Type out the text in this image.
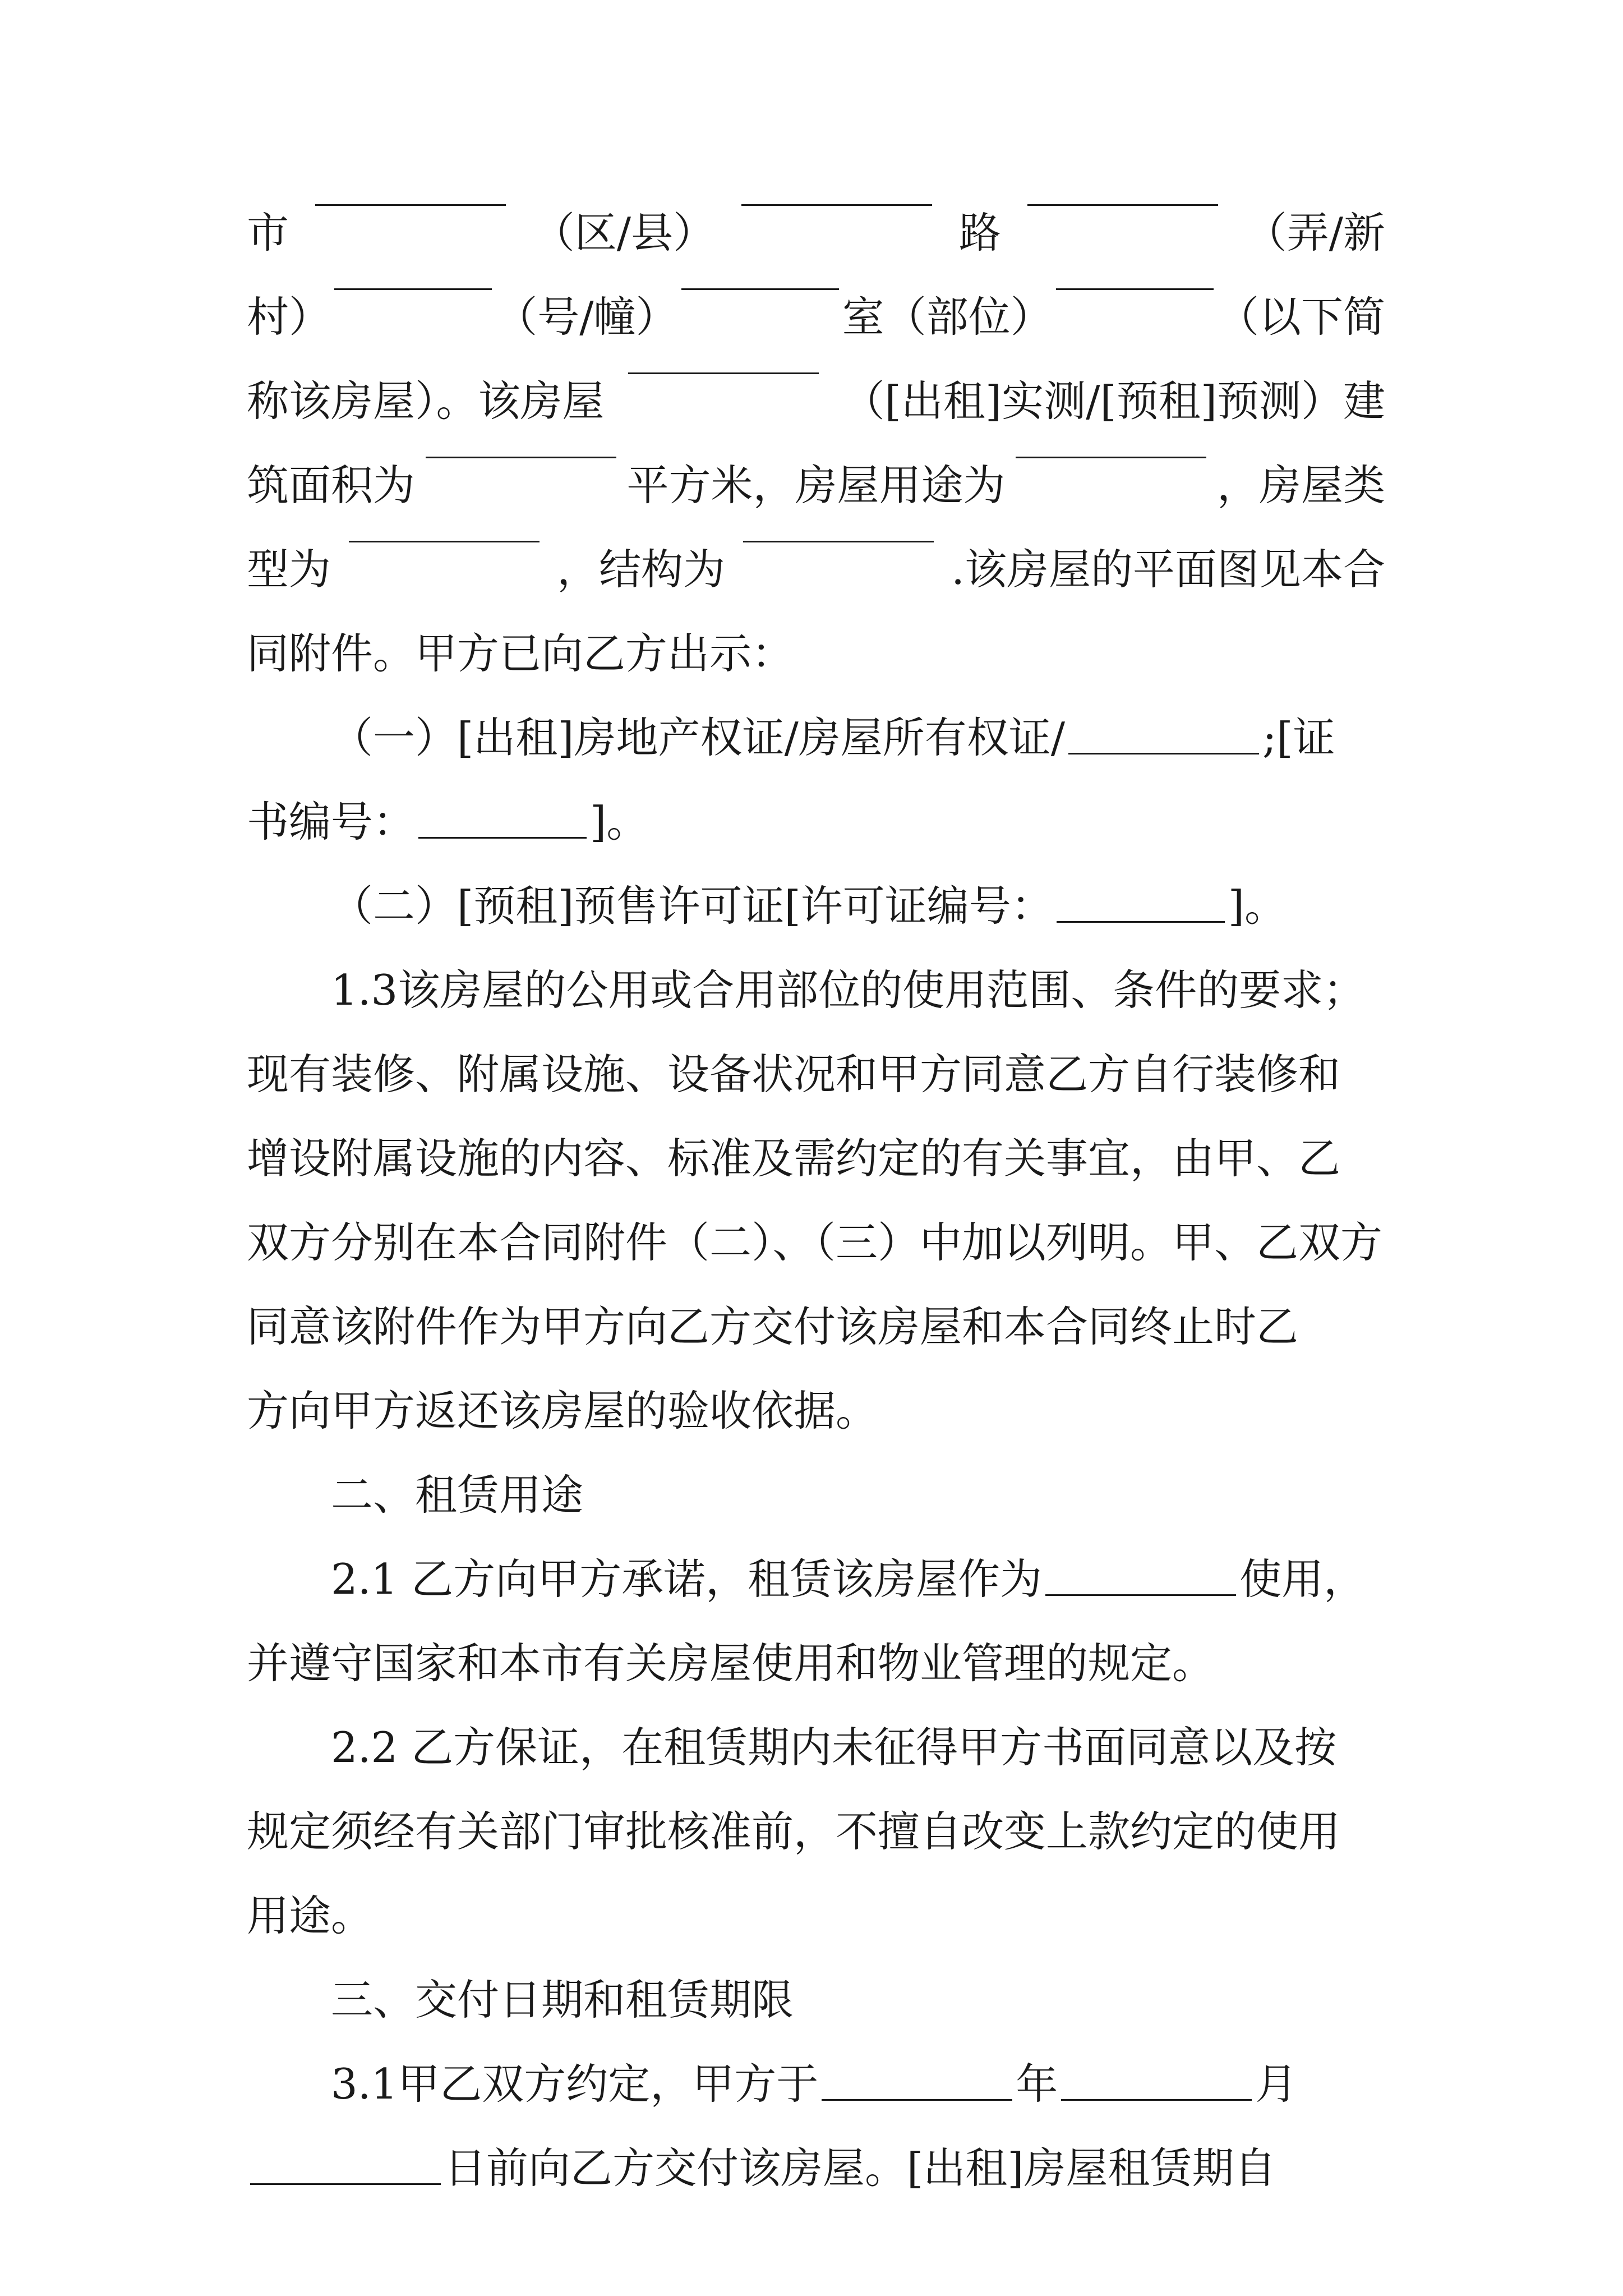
市	（区/县）	路	（弄/新
村）	（号/幢）	室（部位）	（以下简
称该房屋）。该房屋	（[出租]实测/[预租]预测）建
筑面积为	平方米，房屋用途为	，房屋类
型为	，结构为	.该房屋的平面图见本合
同附件。甲方已向乙方出示：
（一）[出租]房地产权证/房屋所有权证/	;[证
书编号：	]。
（二）[预租]预售许可证[许可证编号：	]。
1.3该房屋的公用或合用部位的使用范围、条件的要求；
现有装修、附属设施、设备状况和甲方同意乙方自行装修和
增设附属设施的内容、标准及需约定的有关事宜，由甲、乙
双方分别在本合同附件（二）、（三）中加以列明。甲、乙双方
同意该附件作为甲方向乙方交付该房屋和本合同终止时乙
方向甲方返还该房屋的验收依据。
二、租赁用途
2.1 乙方向甲方承诺，租赁该房屋作为	使用，
并遵守国家和本市有关房屋使用和物业管理的规定。
2.2 乙方保证，在租赁期内未征得甲方书面同意以及按
规定须经有关部门审批核准前，不擅自改变上款约定的使用
用途。
三、交付日期和租赁期限
3.1甲乙双方约定，甲方于	年	月
日前向乙方交付该房屋。[出租]房屋租赁期自
